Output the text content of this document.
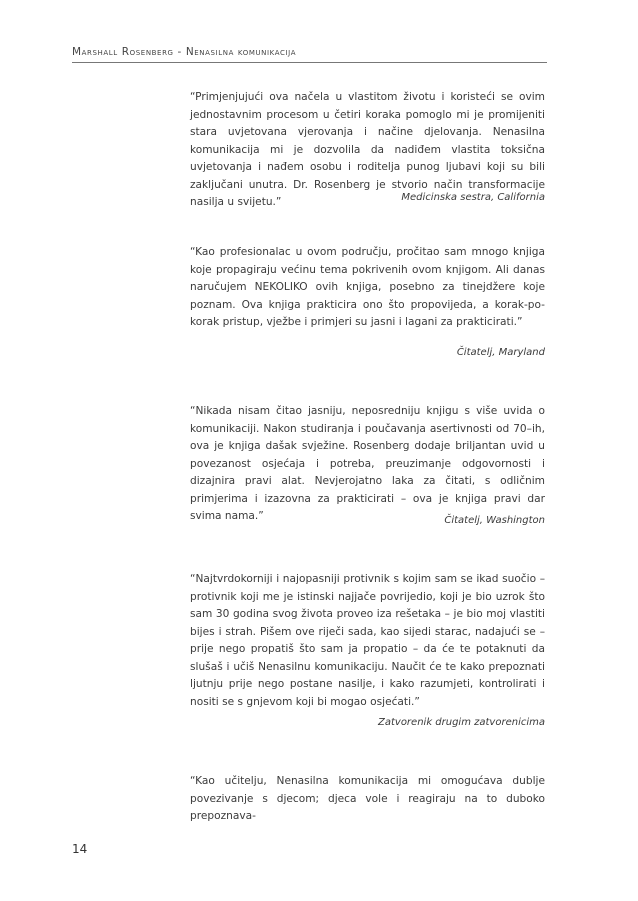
Marshall Rosenberg - Nenasilna komunikacija

“Primjenjujući ova načela u vlastitom životu i koristeći se ovim jednostavnim procesom u četiri koraka pomoglo mi je promijeniti stara uvjetovana vjerovanja i načine djelovanja. Nenasilna komunikacija mi je dozvolila da nadiđem vlastita toksična uvjetovanja i nađem osobu i roditelja punog ljubavi koji su bili zaključani unutra. Dr. Rosenberg je stvorio način transformacije nasilja u svijetu.”	Medicinska sestra, California

“Kao profesionalac u ovom području, pročitao sam mnogo knjiga koje propagiraju većinu tema pokrivenih ovom knjigom. Ali danas naručujem NEKOLIKO ovih knjiga, posebno za tinejdžere koje poznam. Ova knjiga prakticira ono što propovijeda, a korak-po-korak pristup, vježbe i primjeri su jasni i lagani za prakticirati.”

Čitatelj, Maryland

“Nikada nisam čitao jasniju, neposredniju knjigu s više uvida o komunikaciji. Nakon studiranja i poučavanja asertivnosti od 70–ih, ova je knjiga dašak svježine. Rosenberg dodaje briljantan uvid u povezanost osjećaja i potreba, preuzimanje odgovornosti i dizajnira pravi alat. Nevjerojatno laka za čitati, s odličnim primjerima i izazovna za prakticirati – ova je knjiga pravi dar svima nama.”	Čitatelj, Washington

“Najtvrdokorniji i najopasniji protivnik s kojim sam se ikad suočio – protivnik koji me je istinski najjače povrijedio, koji je bio uzrok što sam 30 godina svog života proveo iza rešetaka – je bio moj vlastiti bijes i strah. Pišem ove riječi sada, kao sijedi starac, nadajući se – prije nego propatiš što sam ja propatio – da će te potaknuti da slušaš i učiš Nenasilnu komunikaciju. Naučit će te kako prepoznati ljutnju prije nego postane nasilje, i kako razumjeti, kontrolirati i nositi se s gnjevom koji bi mogao osjećati.”

Zatvorenik drugim zatvorenicima

“Kao učitelju, Nenasilna komunikacija mi omogućava dublje povezivanje s djecom; djeca vole i reagiraju na to duboko prepoznava-

14
